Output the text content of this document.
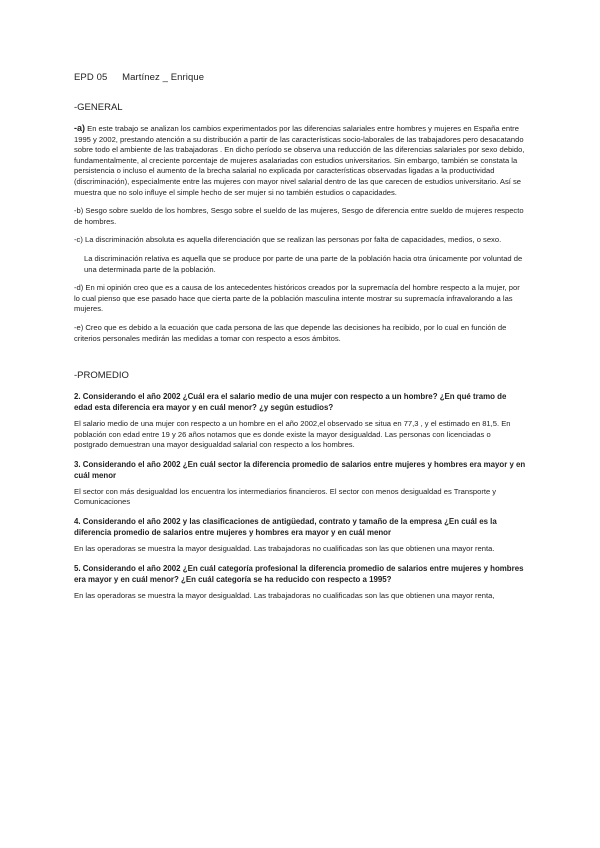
EPD 05 Martínez _ Enrique
-GENERAL

-a) En este trabajo se analizan los cambios experimentados por las diferencias salariales entre hombres y mujeres en España entre 1995 y 2002, prestando atención a su distribución a partir de las características socio-laborales de las trabajadores pero desacatando sobre todo el ambiente de las trabajadoras . En dicho período se observa una reducción de las diferencias salariales por sexo debido, fundamentalmente, al creciente porcentaje de mujeres asalariadas con estudios universitarios. Sin embargo, también se constata la persistencia o incluso el aumento de la brecha salarial no explicada por características observadas ligadas a la productividad (discriminación), especialmente entre las mujeres con mayor nivel salarial dentro de las que carecen de estudios universitario. Así se muestra que no solo influye el simple hecho de ser mujer si no también estudios o capacidades.

-b) Sesgo sobre sueldo de los hombres, Sesgo sobre el sueldo de las mujeres, Sesgo de diferencia entre sueldo de mujeres respecto de hombres.

-c) La discriminación absoluta es aquella diferenciación que se realizan las personas por falta de capacidades, medios, o sexo.

La discriminación relativa es aquella que se produce por parte de una parte de la población hacia otra únicamente por voluntad de una determinada parte de la población.

-d) En mi opinión creo que es a causa de los antecedentes históricos creados por la supremacía del hombre respecto a la mujer, por lo cual pienso que ese pasado hace que cierta parte de la población masculina intente mostrar su supremacía infravalorando a las mujeres.

-e) Creo que es debido a la ecuación que cada persona de las que depende las decisiones ha recibido, por lo cual en función de criterios personales medirán las medidas a tomar con respecto a esos ámbitos.

-PROMEDIO

2. Considerando el año 2002 ¿Cuál era el salario medio de una mujer con respecto a un hombre? ¿En qué tramo de edad esta diferencia era mayor y en cuál menor? ¿y según estudios?

El salario medio de una mujer con respecto a un hombre en el año 2002,el observado se situa en 77,3 , y el estimado en 81,5. En población con edad entre 19 y 26 años notamos que es donde existe la mayor desigualdad. Las personas con licenciadas o postgrado demuestran una mayor desigualdad salarial con respecto a los hombres.

3. Considerando el año 2002 ¿En cuál sector la diferencia promedio de salarios entre mujeres y hombres era mayor y en cuál menor

El sector con más desigualdad los encuentra los intermediarios financieros. El sector con menos desigualdad es Transporte y Comunicaciones

4. Considerando el año 2002 y las clasificaciones de antigüedad, contrato y tamaño de la empresa ¿En cuál es la diferencia promedio de salarios entre mujeres y hombres era mayor y en cuál menor

En las operadoras se muestra la mayor desigualdad. Las trabajadoras no cualificadas son las que obtienen una mayor renta.

5. Considerando el año 2002 ¿En cuál categoría profesional la diferencia promedio de salarios entre mujeres y hombres era mayor y en cuál menor? ¿En cuál categoría se ha reducido con respecto a 1995?

En las operadoras se muestra la mayor desigualdad. Las trabajadoras no cualificadas son las que obtienen una mayor renta,
